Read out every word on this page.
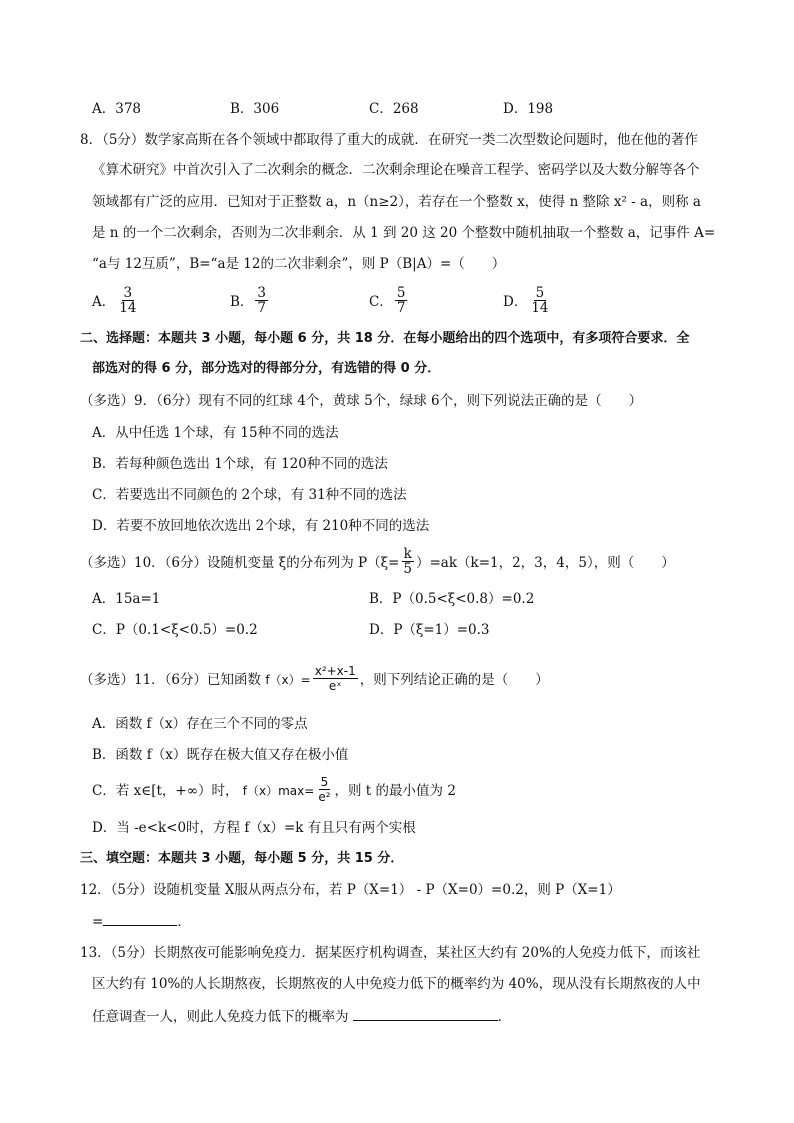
A．378	B．306	C．268	D．198
8．（5分）数学家高斯在各个领域中都取得了重大的成就．在研究一类二次型数论问题时，他在他的著作
《算术研究》中首次引入了二次剩余的概念．二次剩余理论在噪音工程学、密码学以及大数分解等各个
领域都有广泛的应用．已知对于正整数 a，n（n≥2），若存在一个整数 x，使得 n 整除 x² - a，则称 a
是 n 的一个二次剩余，否则为二次非剩余．从 1 到 20 这 20 个整数中随机抽取一个整数 a，记事件 A=
“a与 12互质”，B=“a是 12的二次非剩余”，则 P（B|A）=（　　）
A． $\frac{3}{14}$	B． $\frac{3}{7}$	C． $\frac{5}{7}$	D． $\frac{5}{14}$
二、选择题：本题共 3 小题，每小题 6 分，共 18 分．在每小题给出的四个选项中，有多项符合要求．全
部选对的得 6 分，部分选对的得部分分，有选错的得 0 分．
（多选）9．（6分）现有不同的红球 4个，黄球 5个，绿球 6个，则下列说法正确的是（　　）
A．从中任选 1个球，有 15种不同的选法
B．若每种颜色选出 1个球，有 120种不同的选法
C．若要选出不同颜色的 2个球，有 31种不同的选法
D．若要不放回地依次选出 2个球，有 210种不同的选法
（多选）10．（6分）设随机变量 ξ的分布列为 $P(\xi= \frac{k}{5} )=ak(k=1$，2，3，4，5），则（　　）
A．15a=1	B．P（0.5<ξ<0.8）=0.2
C．P（0.1<ξ<0.5）=0.2	D．P（ξ=1）=0.3
（多选）11．（6分）已知函数 $f(x)= \frac{\text{x²+x-1}}{\text{eˣ}}$ ，则下列结论正确的是（　　）
A．函数 f（x）存在三个不同的零点
B．函数 f（x）既存在极大值又存在极小值
C．若 x∈[t，+∞）时， $f(x)\max= \frac{5}{\text{e²}}$ ，则 t 的最小值为 2
D．当 -e<k<0时，方程 f（x）=k 有且只有两个实根
三、填空题：本题共 3 小题，每小题 5 分，共 15 分．
12．（5分）设随机变量 X服从两点分布，若 P（X=1） - P（X=0）=0.2，则 P（X=1）
=	．
13．（5分）长期熬夜可能影响免疫力．据某医疗机构调查，某社区大约有 20%的人免疫力低下，而该社
区大约有 10%的人长期熬夜，长期熬夜的人中免疫力低下的概率约为 40%，现从没有长期熬夜的人中
任意调查一人，则此人免疫力低下的概率为	．
